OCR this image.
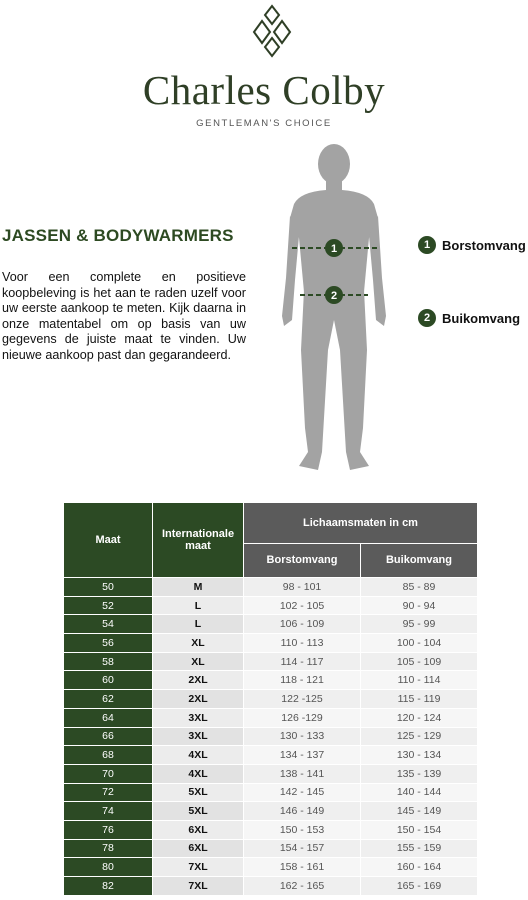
Charles Colby
GENTLEMAN'S CHOICE
JASSEN & BODYWARMERS
Voor een complete en positieve koopbeleving is het aan te raden uzelf voor uw eerste aankoop te meten. Kijk daarna in onze matentabel om op basis van uw gegevens de juiste maat te vinden. Uw nieuwe aankoop past dan gegarandeerd.
1
2
1 Borstomvang
2 Buikomvang
Maat	Internationale maat	Lichaamsmaten in cm	
		Borstomvang	Buikomvang
50	M	98 - 101	85 - 89
52	L	102 - 105	90 - 94
54	L	106 - 109	95 - 99
56	XL	110 - 113	100 - 104
58	XL	114 - 117	105 - 109
60	2XL	118 - 121	110 - 114
62	2XL	122 -125	115 - 119
64	3XL	126 -129	120 - 124
66	3XL	130 - 133	125 - 129
68	4XL	134 - 137	130 - 134
70	4XL	138 - 141	135 - 139
72	5XL	142 - 145	140 - 144
74	5XL	146 - 149	145 - 149
76	6XL	150 - 153	150 - 154
78	6XL	154 - 157	155 - 159
80	7XL	158 - 161	160 - 164
82	7XL	162 - 165	165 - 169
